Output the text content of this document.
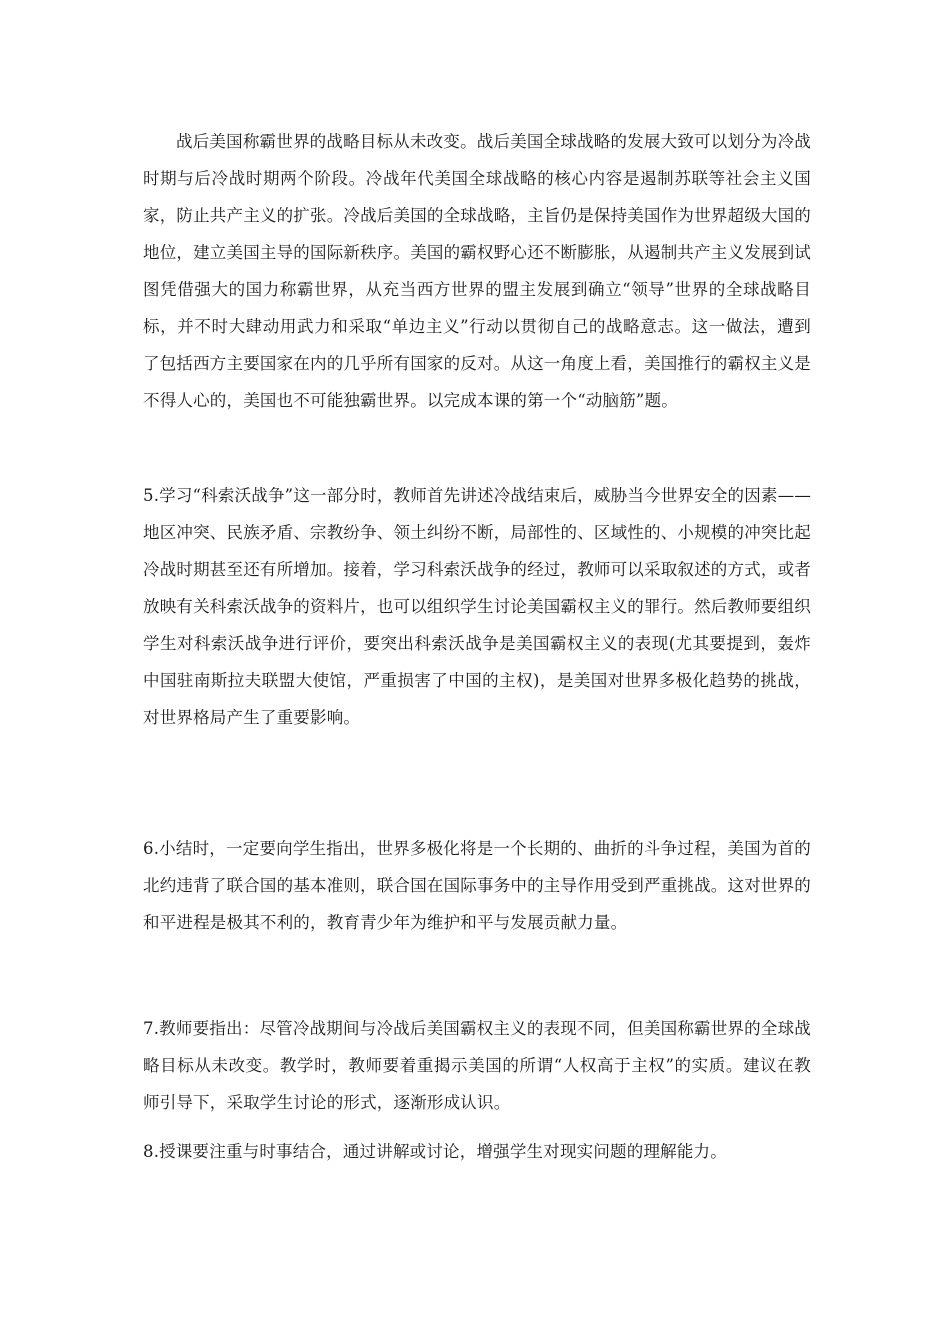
战后美国称霸世界的战略目标从未改变。战后美国全球战略的发展大致可以划分为冷战时期与后冷战时期两个阶段。冷战年代美国全球战略的核心内容是遏制苏联等社会主义国家，防止共产主义的扩张。冷战后美国的全球战略，主旨仍是保持美国作为世界超级大国的地位，建立美国主导的国际新秩序。美国的霸权野心还不断膨胀，从遏制共产主义发展到试图凭借强大的国力称霸世界，从充当西方世界的盟主发展到确立“领导”世界的全球战略目标，并不时大肆动用武力和采取“单边主义”行动以贯彻自己的战略意志。这一做法，遭到了包括西方主要国家在内的几乎所有国家的反对。从这一角度上看，美国推行的霸权主义是不得人心的，美国也不可能独霸世界。以完成本课的第一个“动脑筋”题。

5.学习“科索沃战争”这一部分时，教师首先讲述冷战结束后，威胁当今世界安全的因素——地区冲突、民族矛盾、宗教纷争、领土纠纷不断，局部性的、区域性的、小规模的冲突比起冷战时期甚至还有所增加。接着，学习科索沃战争的经过，教师可以采取叙述的方式，或者放映有关科索沃战争的资料片，也可以组织学生讨论美国霸权主义的罪行。然后教师要组织学生对科索沃战争进行评价，要突出科索沃战争是美国霸权主义的表现(尤其要提到，轰炸中国驻南斯拉夫联盟大使馆，严重损害了中国的主权)，是美国对世界多极化趋势的挑战，对世界格局产生了重要影响。

6.小结时，一定要向学生指出，世界多极化将是一个长期的、曲折的斗争过程，美国为首的北约违背了联合国的基本准则，联合国在国际事务中的主导作用受到严重挑战。这对世界的和平进程是极其不利的，教育青少年为维护和平与发展贡献力量。

7.教师要指出：尽管冷战期间与冷战后美国霸权主义的表现不同，但美国称霸世界的全球战略目标从未改变。教学时，教师要着重揭示美国的所谓“人权高于主权”的实质。建议在教师引导下，采取学生讨论的形式，逐渐形成认识。

8.授课要注重与时事结合，通过讲解或讨论，增强学生对现实问题的理解能力。
